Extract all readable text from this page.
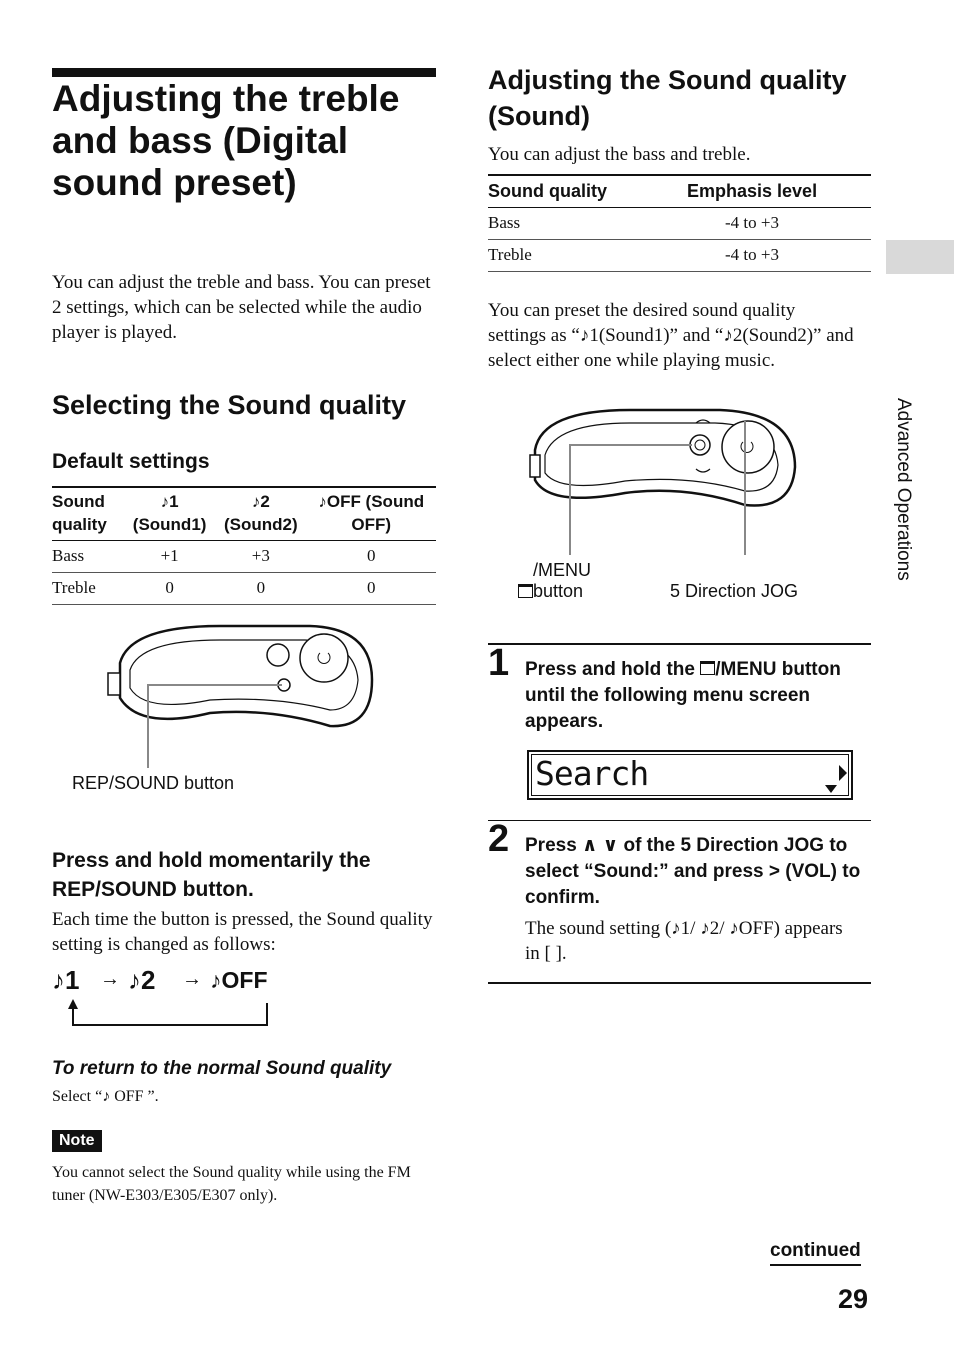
Adjusting the treble and bass (Digital sound preset)

You can adjust the treble and bass. You can preset 2 settings, which can be selected while the audio player is played.

Selecting the Sound quality
Default settings
Sound quality	♪1 (Sound1)	♪2 (Sound2)	♪OFF (Sound OFF)
Bass	+1	+3	0
Treble	0	0	0
REP/SOUND button
Press and hold momentarily the REP/SOUND button.

Each time the button is pressed, the Sound quality setting is changed as follows:

♪1 → ♪2 → ♪OFF
To return to the normal Sound quality

Select “♪ OFF ”.

Note

You cannot select the Sound quality while using the FM tuner (NW-E303/E305/E307 only).

Adjusting the Sound quality (Sound)

You can adjust the bass and treble.

Sound quality	Emphasis level
Bass	-4 to +3
Treble	-4 to +3

You can preset the desired sound quality settings as “♪1(Sound1)” and “♪2(Sound2)” and select either one while playing music.

/MENU button	5 Direction JOG
1 Press and hold the /MENU button until the following menu screen appears.

Search
2 Press ∧ ∨ of the 5 Direction JOG to select “Sound:” and press > (VOL) to confirm.

The sound setting (♪1/ ♪2/ ♪OFF) appears in [ ].

Advanced Operations
continued
29
